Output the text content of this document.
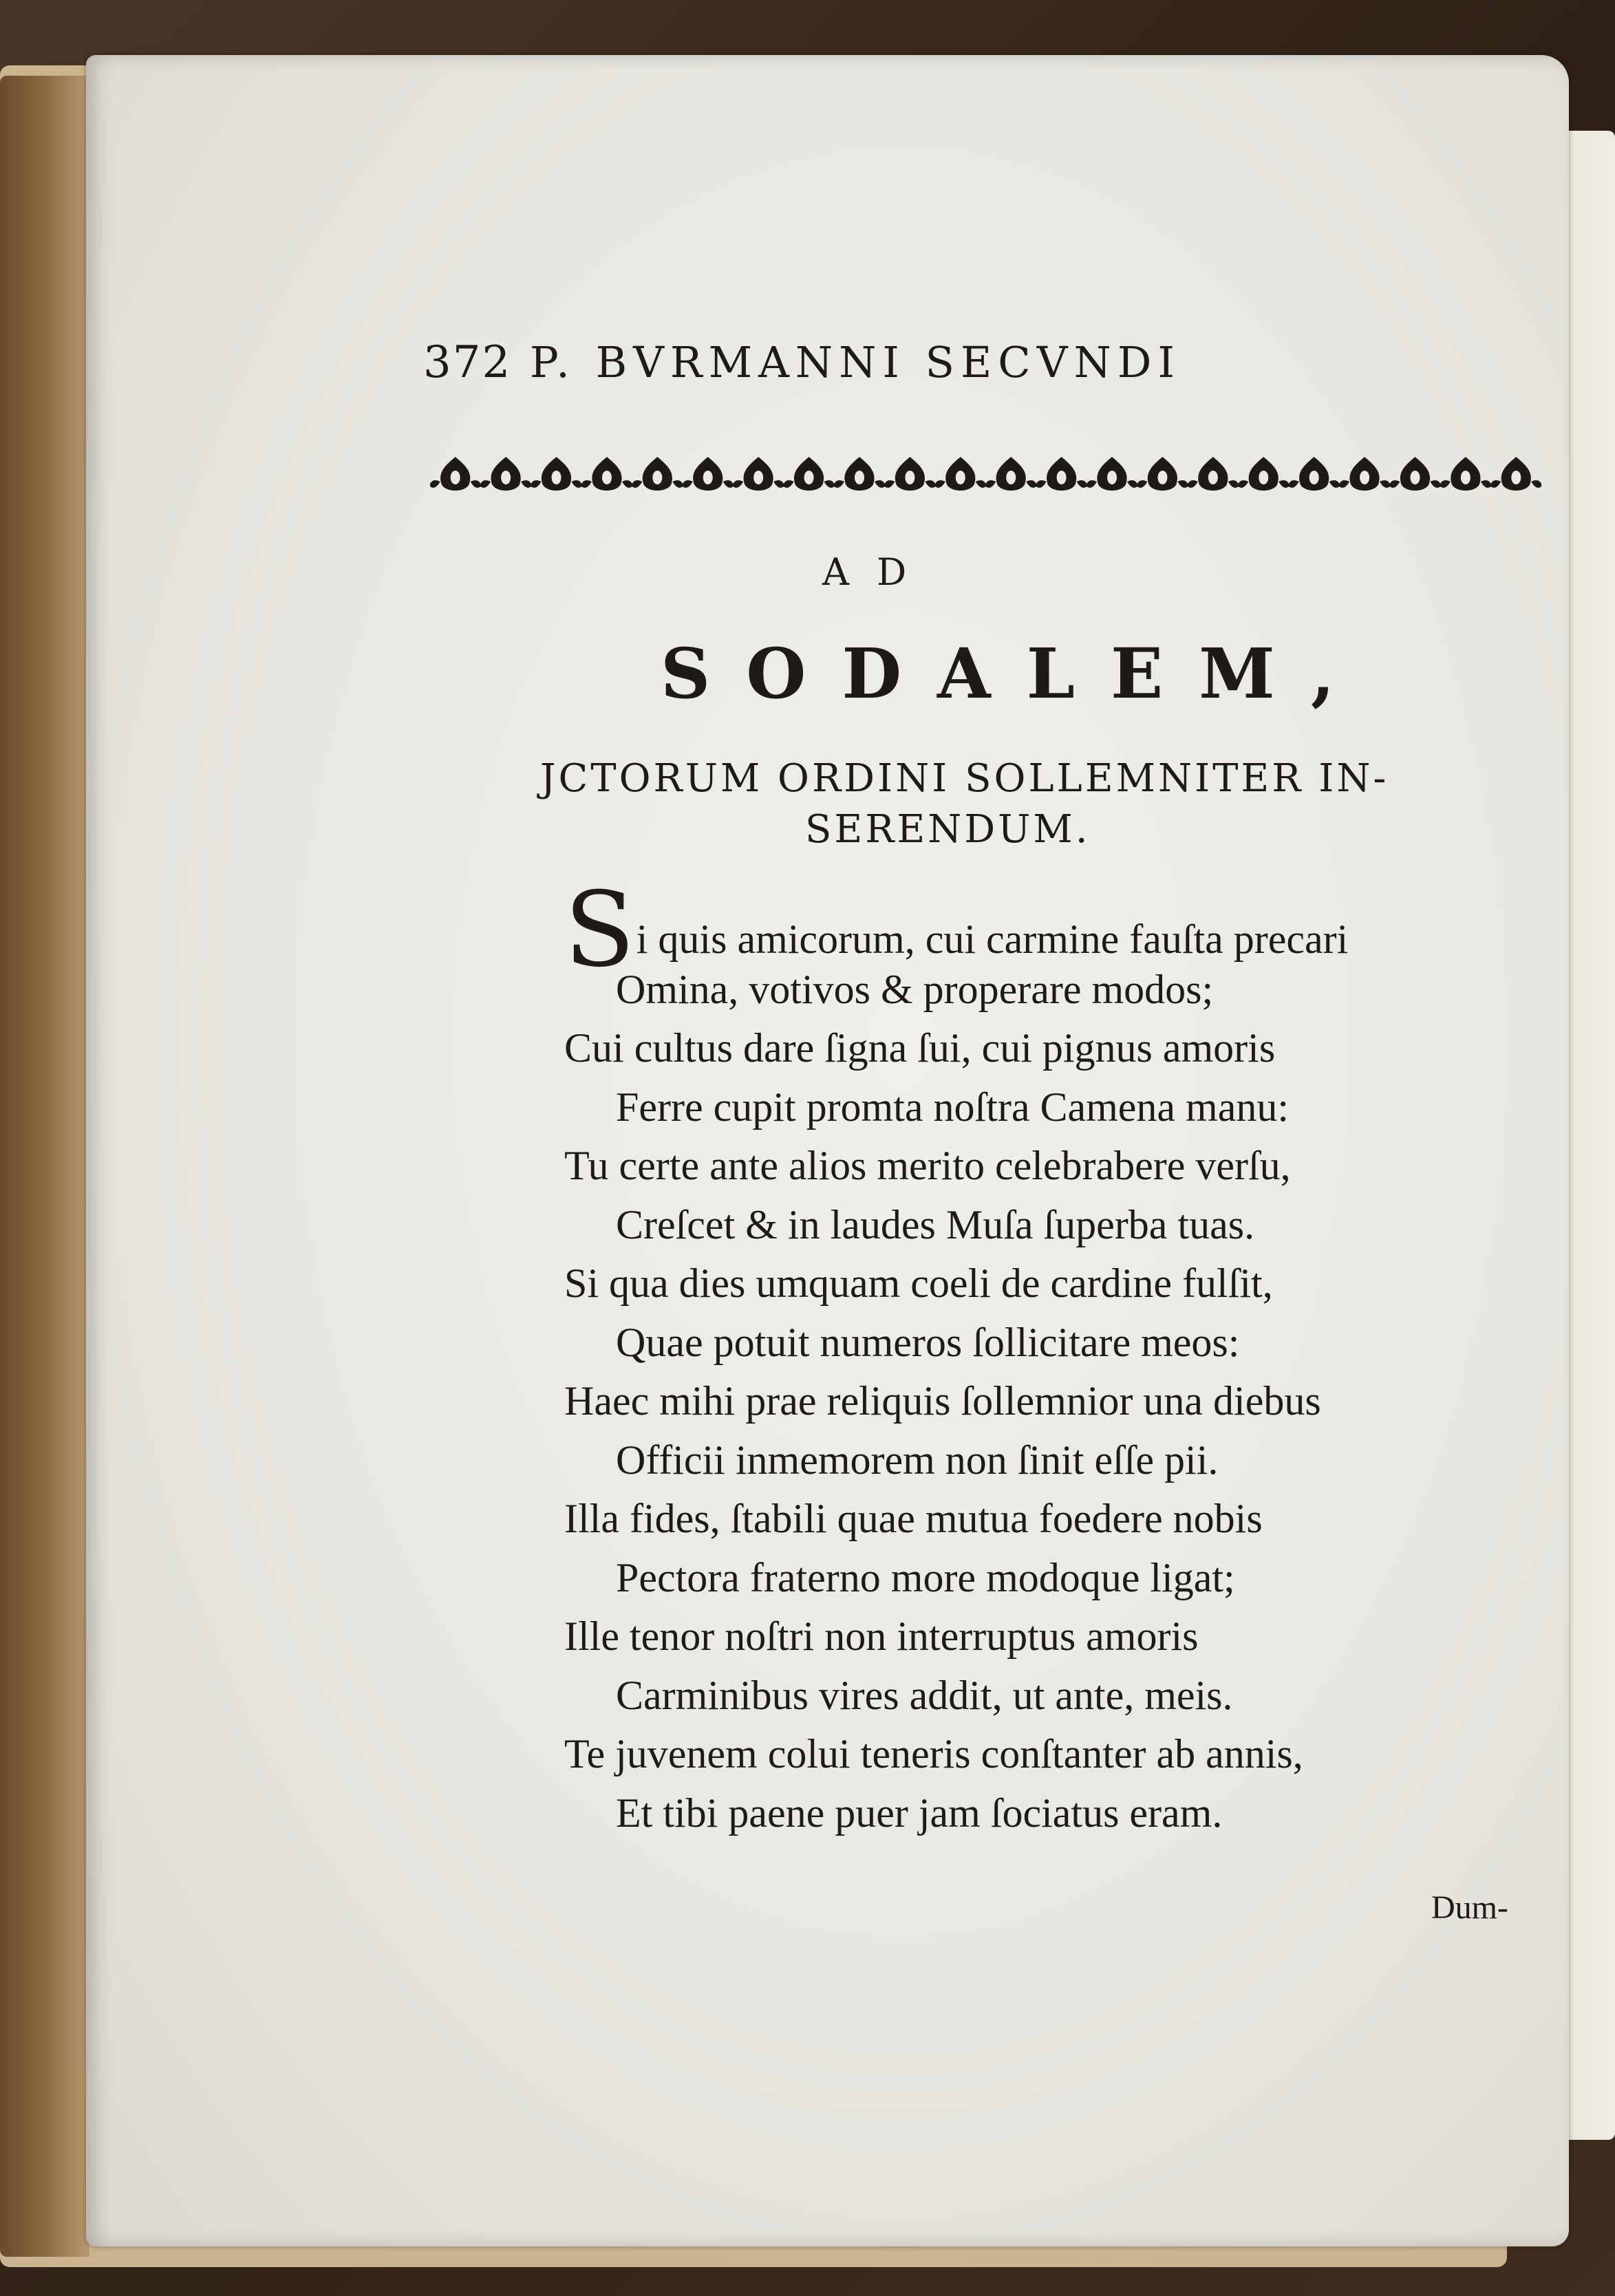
372 P. BVRMANNI SECVNDI
AD
SODALEM,
JCTORUM ORDINI SOLLEMNITER IN-
SERENDUM.
Si quis amicorum, cui carmine fauſta precari
Omina, votivos & properare modos;
Cui cultus dare ſigna ſui, cui pignus amoris
Ferre cupit promta noſtra Camena manu:
Tu certe ante alios merito celebrabere verſu,
Creſcet & in laudes Muſa ſuperba tuas.
Si qua dies umquam coeli de cardine fulſit,
Quae potuit numeros ſollicitare meos:
Haec mihi prae reliquis ſollemnior una diebus
Officii inmemorem non ſinit eſſe pii.
Illa fides, ſtabili quae mutua foedere nobis
Pectora fraterno more modoque ligat;
Ille tenor noſtri non interruptus amoris
Carminibus vires addit, ut ante, meis.
Te juvenem colui teneris conſtanter ab annis,
Et tibi paene puer jam ſociatus eram.
Dum-
